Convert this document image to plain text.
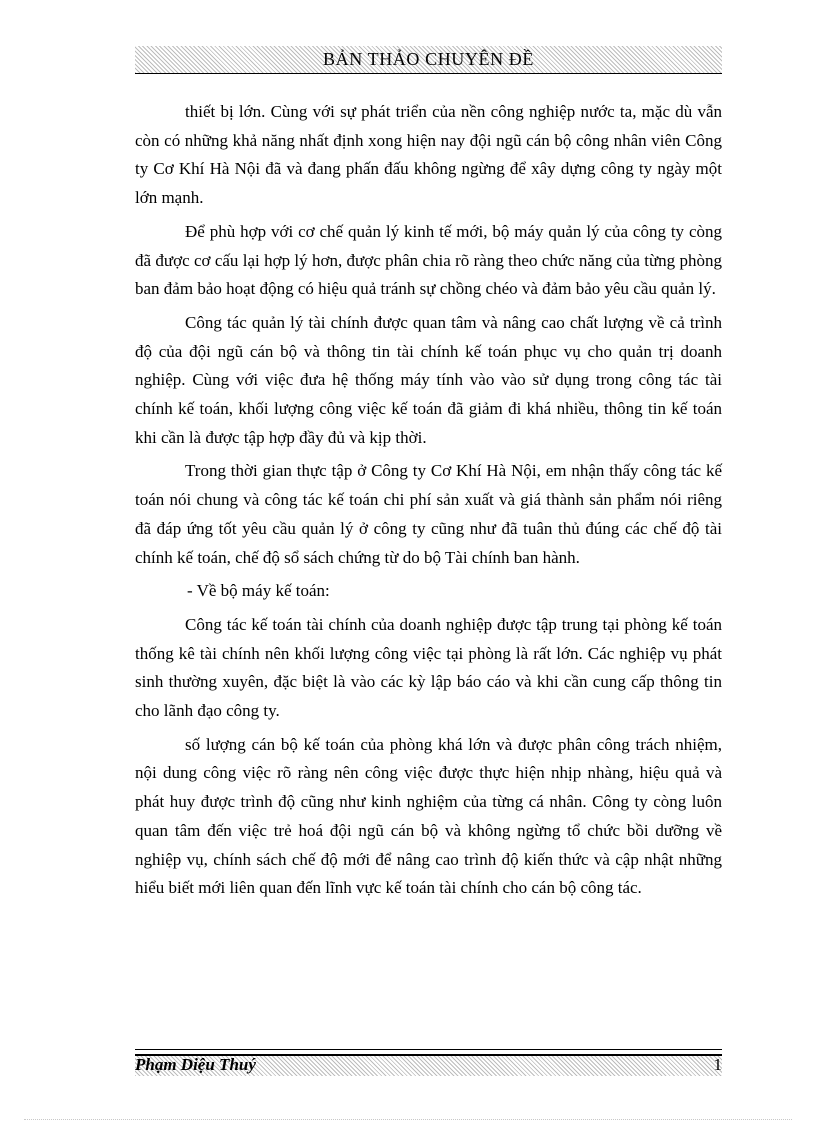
BẢN THẢO CHUYÊN ĐỀ

thiết bị lớn. Cùng với sự phát triển của nền công nghiệp nước ta, mặc dù vẫn còn có những khả năng nhất định xong hiện nay đội ngũ cán bộ công nhân viên Công ty Cơ Khí Hà Nội đã và đang phấn đấu không ngừng để xây dựng công ty ngày một lớn mạnh.

Để phù hợp với cơ chế quản lý kinh tế mới, bộ máy quản lý của công ty còng đã được cơ cấu lại hợp lý hơn, được phân chia rõ ràng theo chức năng của từng phòng ban đảm bảo hoạt động có hiệu quả tránh sự chồng chéo và đảm bảo yêu cầu quản lý.

Công tác quản lý tài chính được quan tâm và nâng cao chất lượng về cả trình độ của đội ngũ cán bộ và thông tin tài chính kế toán phục vụ cho quản trị doanh nghiệp. Cùng với việc đưa hệ thống máy tính vào vào sử dụng trong công tác tài chính kế toán, khối lượng công việc kế toán đã giảm đi khá nhiều, thông tin kế toán khi cần là được tập hợp đầy đủ và kịp thời.

Trong thời gian thực tập ở Công ty Cơ Khí Hà Nội, em nhận thấy công tác kế toán nói chung và công tác kế toán chi phí sản xuất và giá thành sản phẩm nói riêng đã đáp ứng tốt yêu cầu quản lý ở công ty cũng như đã tuân thủ đúng các chế độ tài chính kế toán, chế độ sổ sách chứng từ do bộ Tài chính ban hành.

- Về bộ máy kế toán:

Công tác kế toán tài chính của doanh nghiệp được tập trung tại phòng kế toán thống kê tài chính nên khối lượng công việc tại phòng là rất lớn. Các nghiệp vụ phát sinh thường xuyên, đặc biệt là vào các kỳ lập báo cáo và khi cần cung cấp thông tin cho lãnh đạo công ty.

số lượng cán bộ kế toán của phòng khá lớn và được phân công trách nhiệm, nội dung công việc rõ ràng nên công việc được thực hiện nhịp nhàng, hiệu quả và phát huy được trình độ cũng như kinh nghiệm của từng cá nhân. Công ty còng luôn quan tâm đến việc trẻ hoá đội ngũ cán bộ và không ngừng tổ chức bồi dưỡng về nghiệp vụ, chính sách chế độ mới để nâng cao trình độ kiến thức và cập nhật những hiểu biết mới liên quan đến lĩnh vực kế toán tài chính cho cán bộ công tác.

Phạm Diệu Thuý	1
